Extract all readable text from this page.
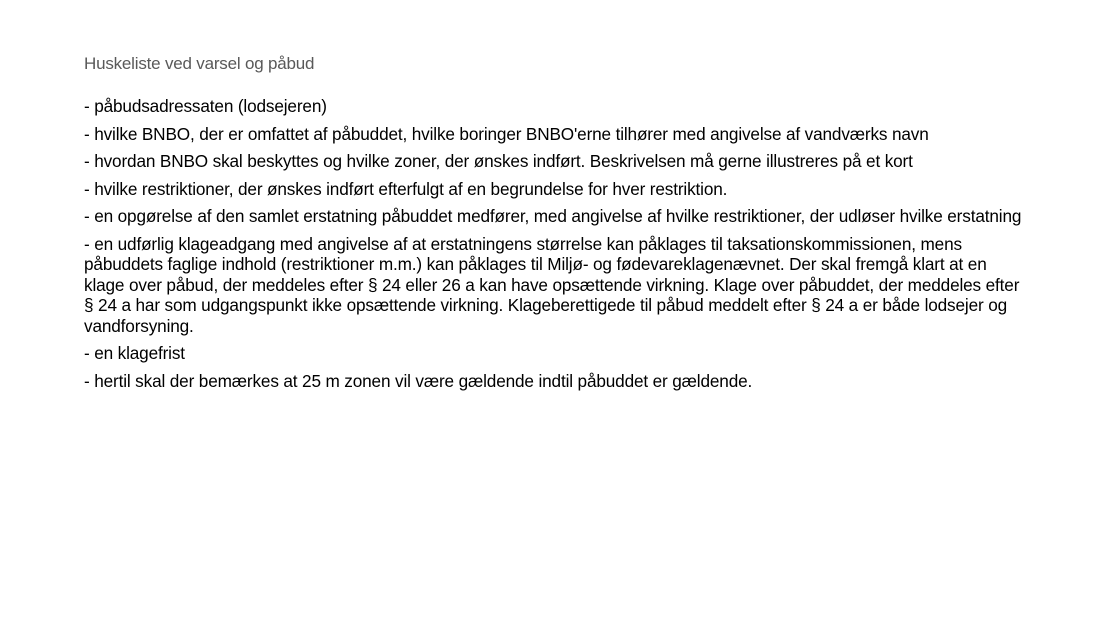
Huskeliste ved varsel og påbud
- påbudsadressaten (lodsejeren)
- hvilke BNBO, der er omfattet af påbuddet, hvilke boringer BNBO'erne tilhører med angivelse af vandværks navn
- hvordan BNBO skal beskyttes og hvilke zoner, der ønskes indført. Beskrivelsen må gerne illustreres på et kort
- hvilke restriktioner, der ønskes indført efterfulgt af en begrundelse for hver restriktion.
- en opgørelse af den samlet erstatning påbuddet medfører, med angivelse af hvilke restriktioner, der udløser hvilke erstatning
- en udførlig klageadgang med angivelse af at erstatningens størrelse kan påklages til taksationskommissionen, mens påbuddets faglige indhold (restriktioner m.m.) kan påklages til Miljø- og fødevareklagenævnet. Der skal fremgå klart at en klage over påbud, der meddeles efter § 24 eller 26 a kan have opsættende virkning. Klage over påbuddet, der meddeles efter § 24 a har som udgangspunkt ikke opsættende virkning. Klageberettigede til påbud meddelt efter § 24 a er både lodsejer og vandforsyning.
- en klagefrist
- hertil skal der bemærkes at 25 m zonen vil være gældende indtil påbuddet er gældende.
